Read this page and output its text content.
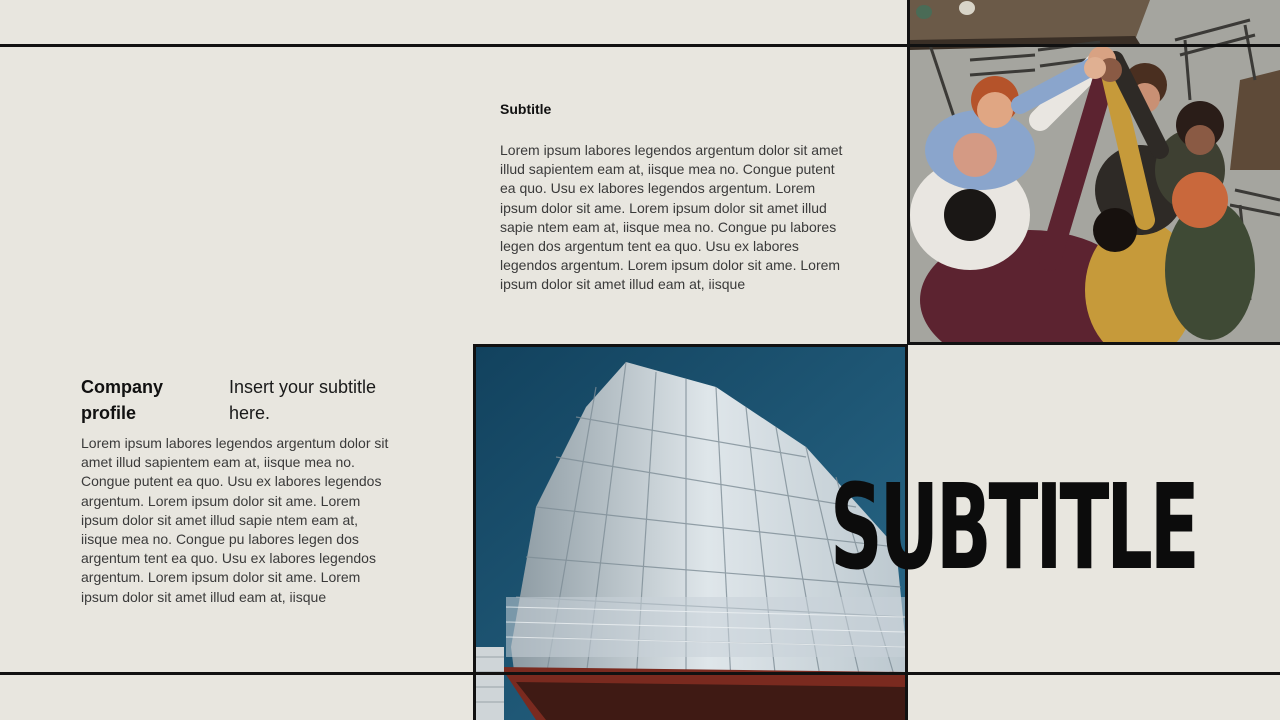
Subtitle
Lorem ipsum labores legendos argentum dolor sit amet illud sapientem eam at, iisque mea no. Congue putent ea quo. Usu ex labores legendos argentum. Lorem ipsum dolor sit ame. Lorem ipsum dolor sit amet illud sapie ntem eam at, iisque mea no. Congue pu labores legen dos argentum tent ea quo. Usu ex labores legendos argentum. Lorem ipsum dolor sit ame. Lorem ipsum dolor sit amet illud eam at, iisque
Company profile
Insert your subtitle here.
Lorem ipsum labores legendos argentum dolor sit amet illud sapientem eam at, iisque mea no. Congue putent ea quo. Usu ex labores legendos argentum. Lorem ipsum dolor sit ame. Lorem ipsum dolor sit amet illud sapie ntem eam at, iisque mea no. Congue pu labores legen dos argentum tent ea quo. Usu ex labores legendos argentum. Lorem ipsum dolor sit ame. Lorem ipsum dolor sit amet illud eam at, iisque
SUBTITLE
